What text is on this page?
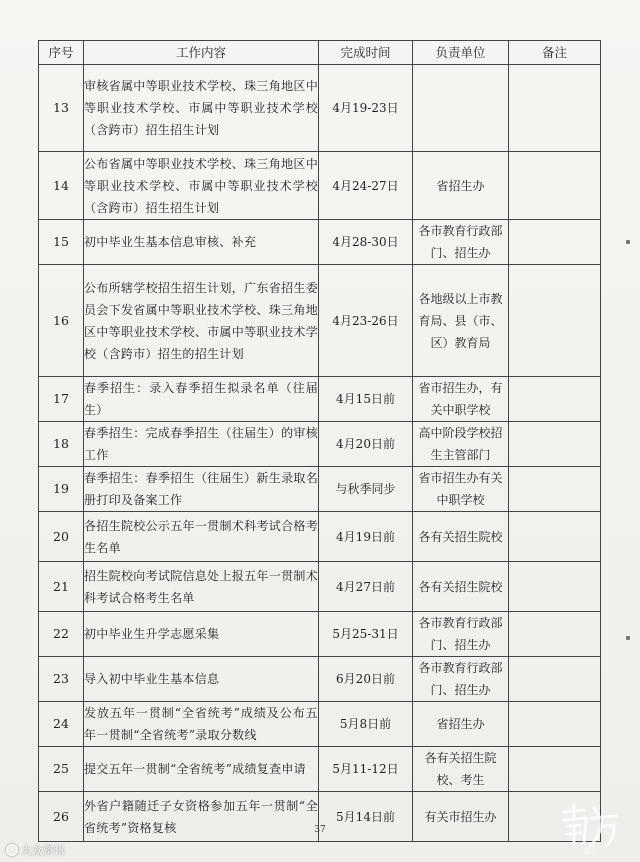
序号	工作内容	完成时间	负责单位	备注
13	审核省属中等职业技术学校、珠三角地区中等职业技术学校、市属中等职业技术学校（含跨市）招生招生计划	4月19-23日		
14	公布省属中等职业技术学校、珠三角地区中等职业技术学校、市属中等职业技术学校（含跨市）招生招生计划	4月24-27日	省招生办	
15	初中毕业生基本信息审核、补充	4月28-30日	各市教育行政部门、招生办	
16	公布所辖学校招生招生计划，广东省招生委员会下发省属中等职业技术学校、珠三角地区中等职业技术学校、市属中等职业技术学校（含跨市）招生的招生计划	4月23-26日	各地级以上市教育局、县（市、区）教育局	
17	春季招生：录入春季招生拟录名单（往届生）	4月15日前	省市招生办，有关中职学校	
18	春季招生：完成春季招生（往届生）的审核工作	4月20日前	高中阶段学校招生主管部门	
19	春季招生：春季招生（往届生）新生录取名册打印及备案工作	与秋季同步	省市招生办有关中职学校	
20	各招生院校公示五年一贯制术科考试合格考生名单	4月19日前	各有关招生院校	
21	招生院校向考试院信息处上报五年一贯制术科考试合格考生名单	4月27日前	各有关招生院校	
22	初中毕业生升学志愿采集	5月25-31日	各市教育行政部门、招生办	
23	导入初中毕业生基本信息	6月20日前	各市教育行政部门、招生办	
24	发放五年一贯制“全省统考”成绩及公布五年一贯制“全省统考”录取分数线	5月8日前	省招生办	
25	提交五年一贯制“全省统考”成绩复查申请	5月11-12日	各有关招生院校、考生	
26	外省户籍随迁子女资格参加五年一贯制“全省统考”资格复核	5月14日前	有关市招生办	
37
大众资讯	南方
